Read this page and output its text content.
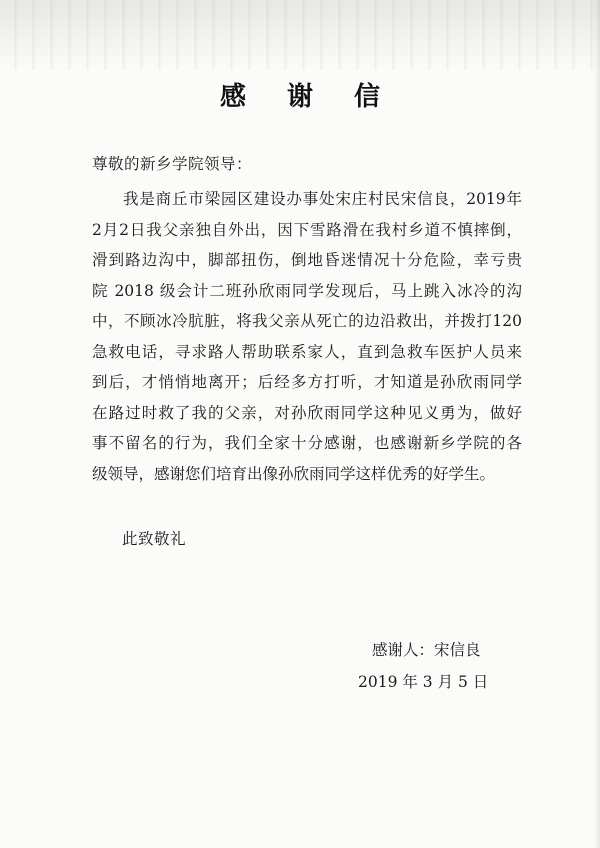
感 谢 信
尊敬的新乡学院领导：
我是商丘市梁园区建设办事处宋庄村民宋信良，2019年
2月2日我父亲独自外出，因下雪路滑在我村乡道不慎摔倒，
滑到路边沟中，脚部扭伤，倒地昏迷情况十分危险，幸亏贵
院 2018 级会计二班孙欣雨同学发现后，马上跳入冰冷的沟
中，不顾冰冷肮脏，将我父亲从死亡的边沿救出，并拨打120
急救电话，寻求路人帮助联系家人，直到急救车医护人员来
到后，才悄悄地离开；后经多方打听，才知道是孙欣雨同学
在路过时救了我的父亲，对孙欣雨同学这种见义勇为，做好
事不留名的行为，我们全家十分感谢，也感谢新乡学院的各
级领导，感谢您们培育出像孙欣雨同学这样优秀的好学生。
此致敬礼
感谢人：宋信良
2019 年 3 月 5 日
